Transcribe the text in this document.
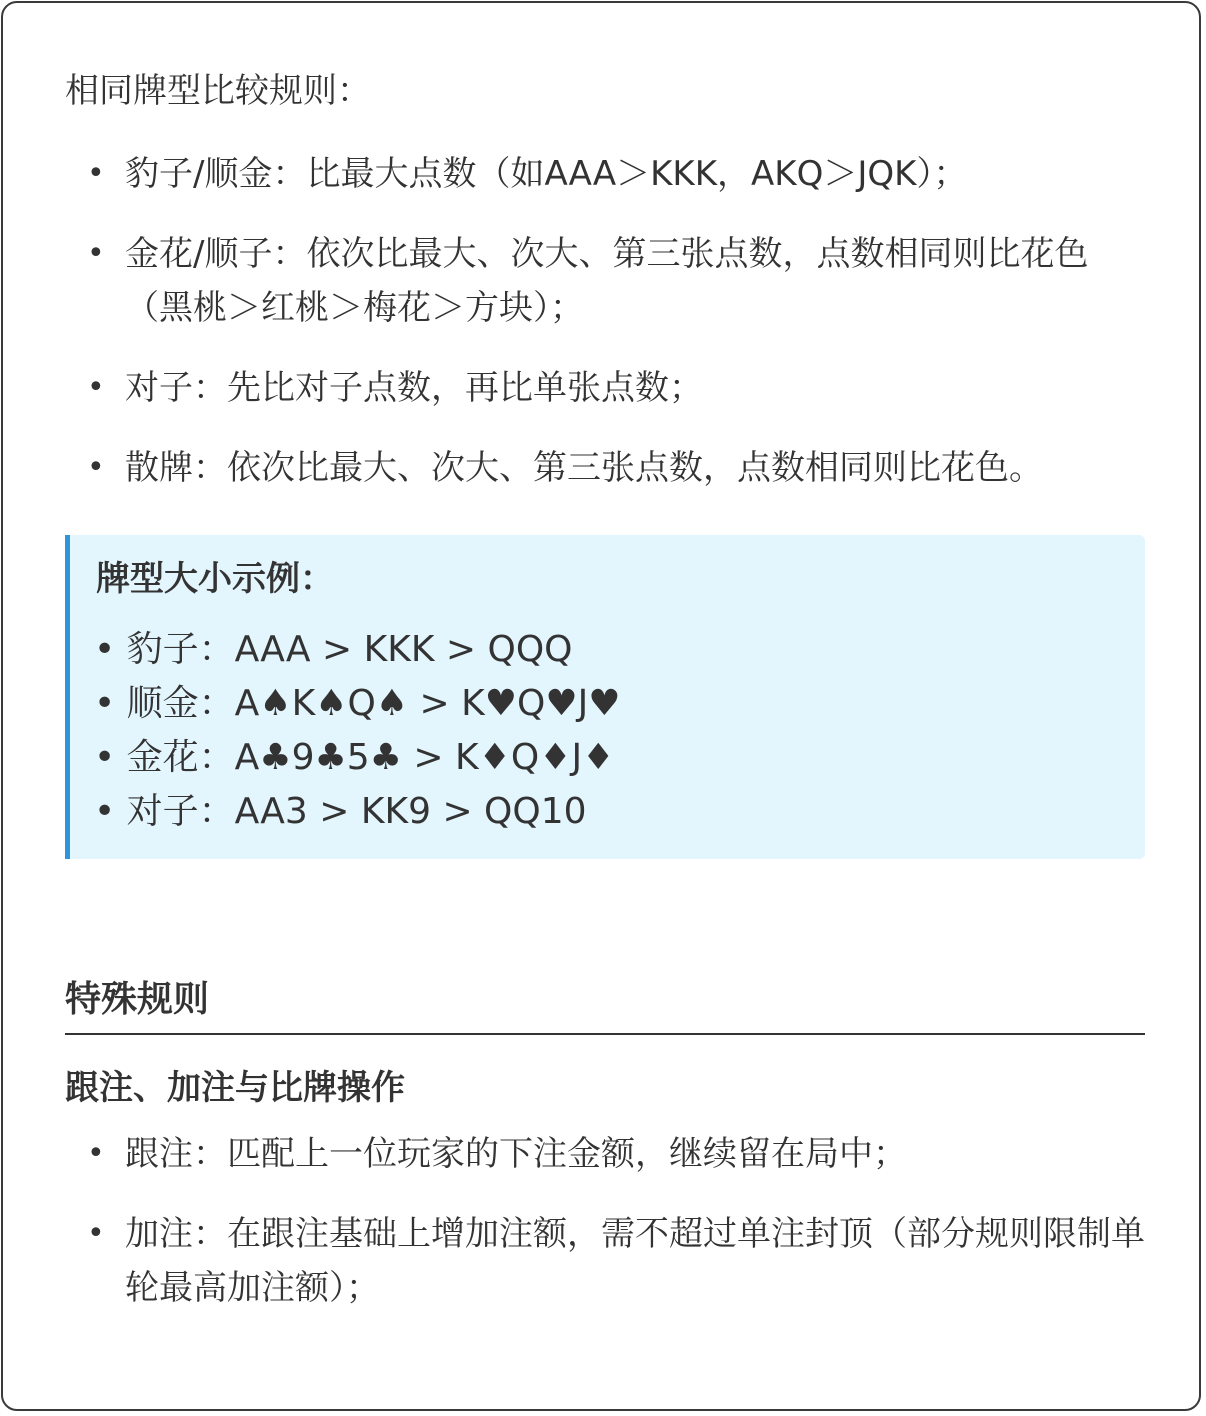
相同牌型比较规则：
• 豹子/顺金：比最大点数（如AAA＞KKK，AKQ＞JQK）；
• 金花/顺子：依次比最大、次大、第三张点数，点数相同则比花色（黑桃＞红桃＞梅花＞方块）；
• 对子：先比对子点数，再比单张点数；
• 散牌：依次比最大、次大、第三张点数，点数相同则比花色。
牌型大小示例：
• 豹子：AAA > KKK > QQQ
• 顺金：A♠K♠Q♠ > K♥Q♥J♥
• 金花：A♣9♣5♣ > K♦Q♦J♦
• 对子：AA3 > KK9 > QQ10
特殊规则
跟注、加注与比牌操作
• 跟注：匹配上一位玩家的下注金额，继续留在局中；
• 加注：在跟注基础上增加注额，需不超过单注封顶（部分规则限制单轮最高加注额）；
